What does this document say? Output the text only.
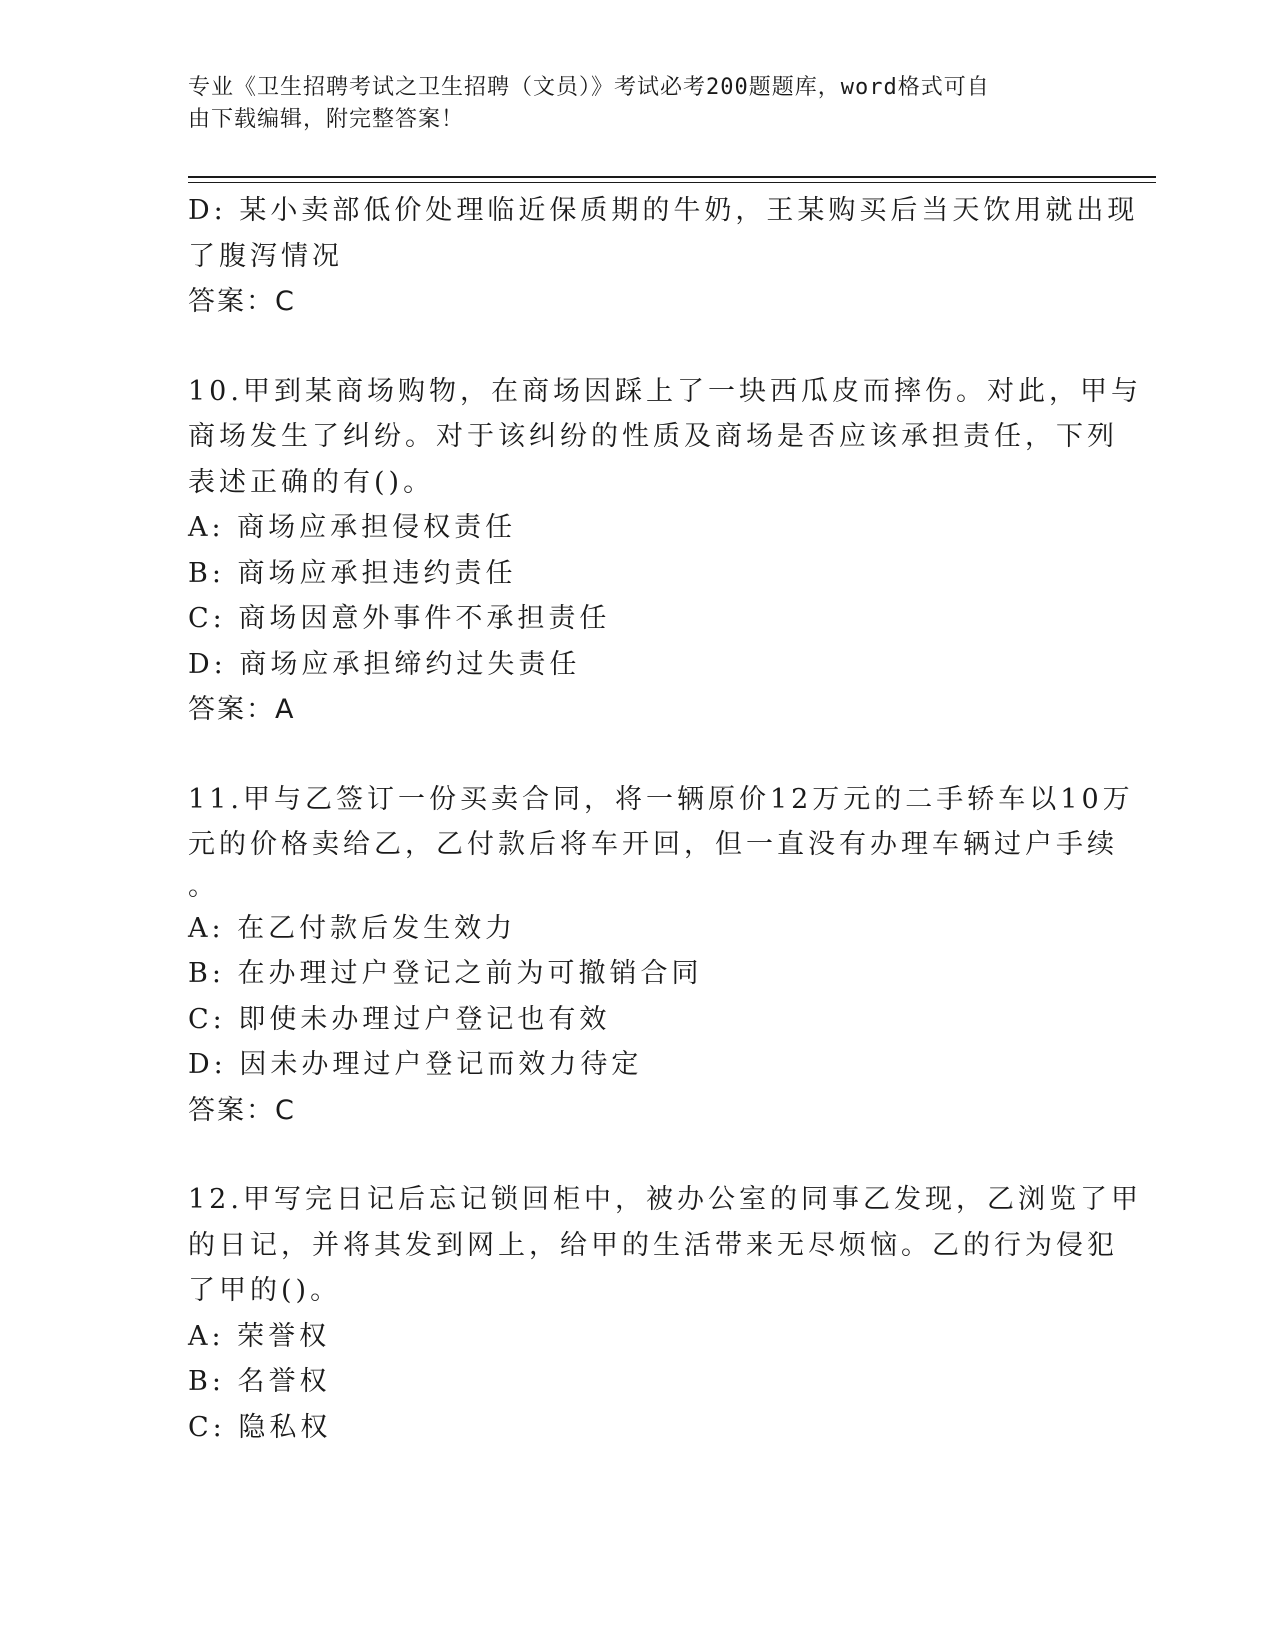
专业《卫生招聘考试之卫生招聘（文员）》考试必考200题题库，word格式可自
由下载编辑，附完整答案！
D: 某小卖部低价处理临近保质期的牛奶，王某购买后当天饮用就出现
了腹泻情况
答案：C
10.甲到某商场购物，在商场因踩上了一块西瓜皮而摔伤。对此，甲与
商场发生了纠纷。对于该纠纷的性质及商场是否应该承担责任，下列
表述正确的有()。
A: 商场应承担侵权责任
B: 商场应承担违约责任
C: 商场因意外事件不承担责任
D: 商场应承担缔约过失责任
答案：A
11.甲与乙签订一份买卖合同，将一辆原价12万元的二手轿车以10万
元的价格卖给乙，乙付款后将车开回，但一直没有办理车辆过户手续
。
A: 在乙付款后发生效力
B: 在办理过户登记之前为可撤销合同
C: 即使未办理过户登记也有效
D: 因未办理过户登记而效力待定
答案：C
12.甲写完日记后忘记锁回柜中，被办公室的同事乙发现，乙浏览了甲
的日记，并将其发到网上，给甲的生活带来无尽烦恼。乙的行为侵犯
了甲的()。
A: 荣誉权
B: 名誉权
C: 隐私权
